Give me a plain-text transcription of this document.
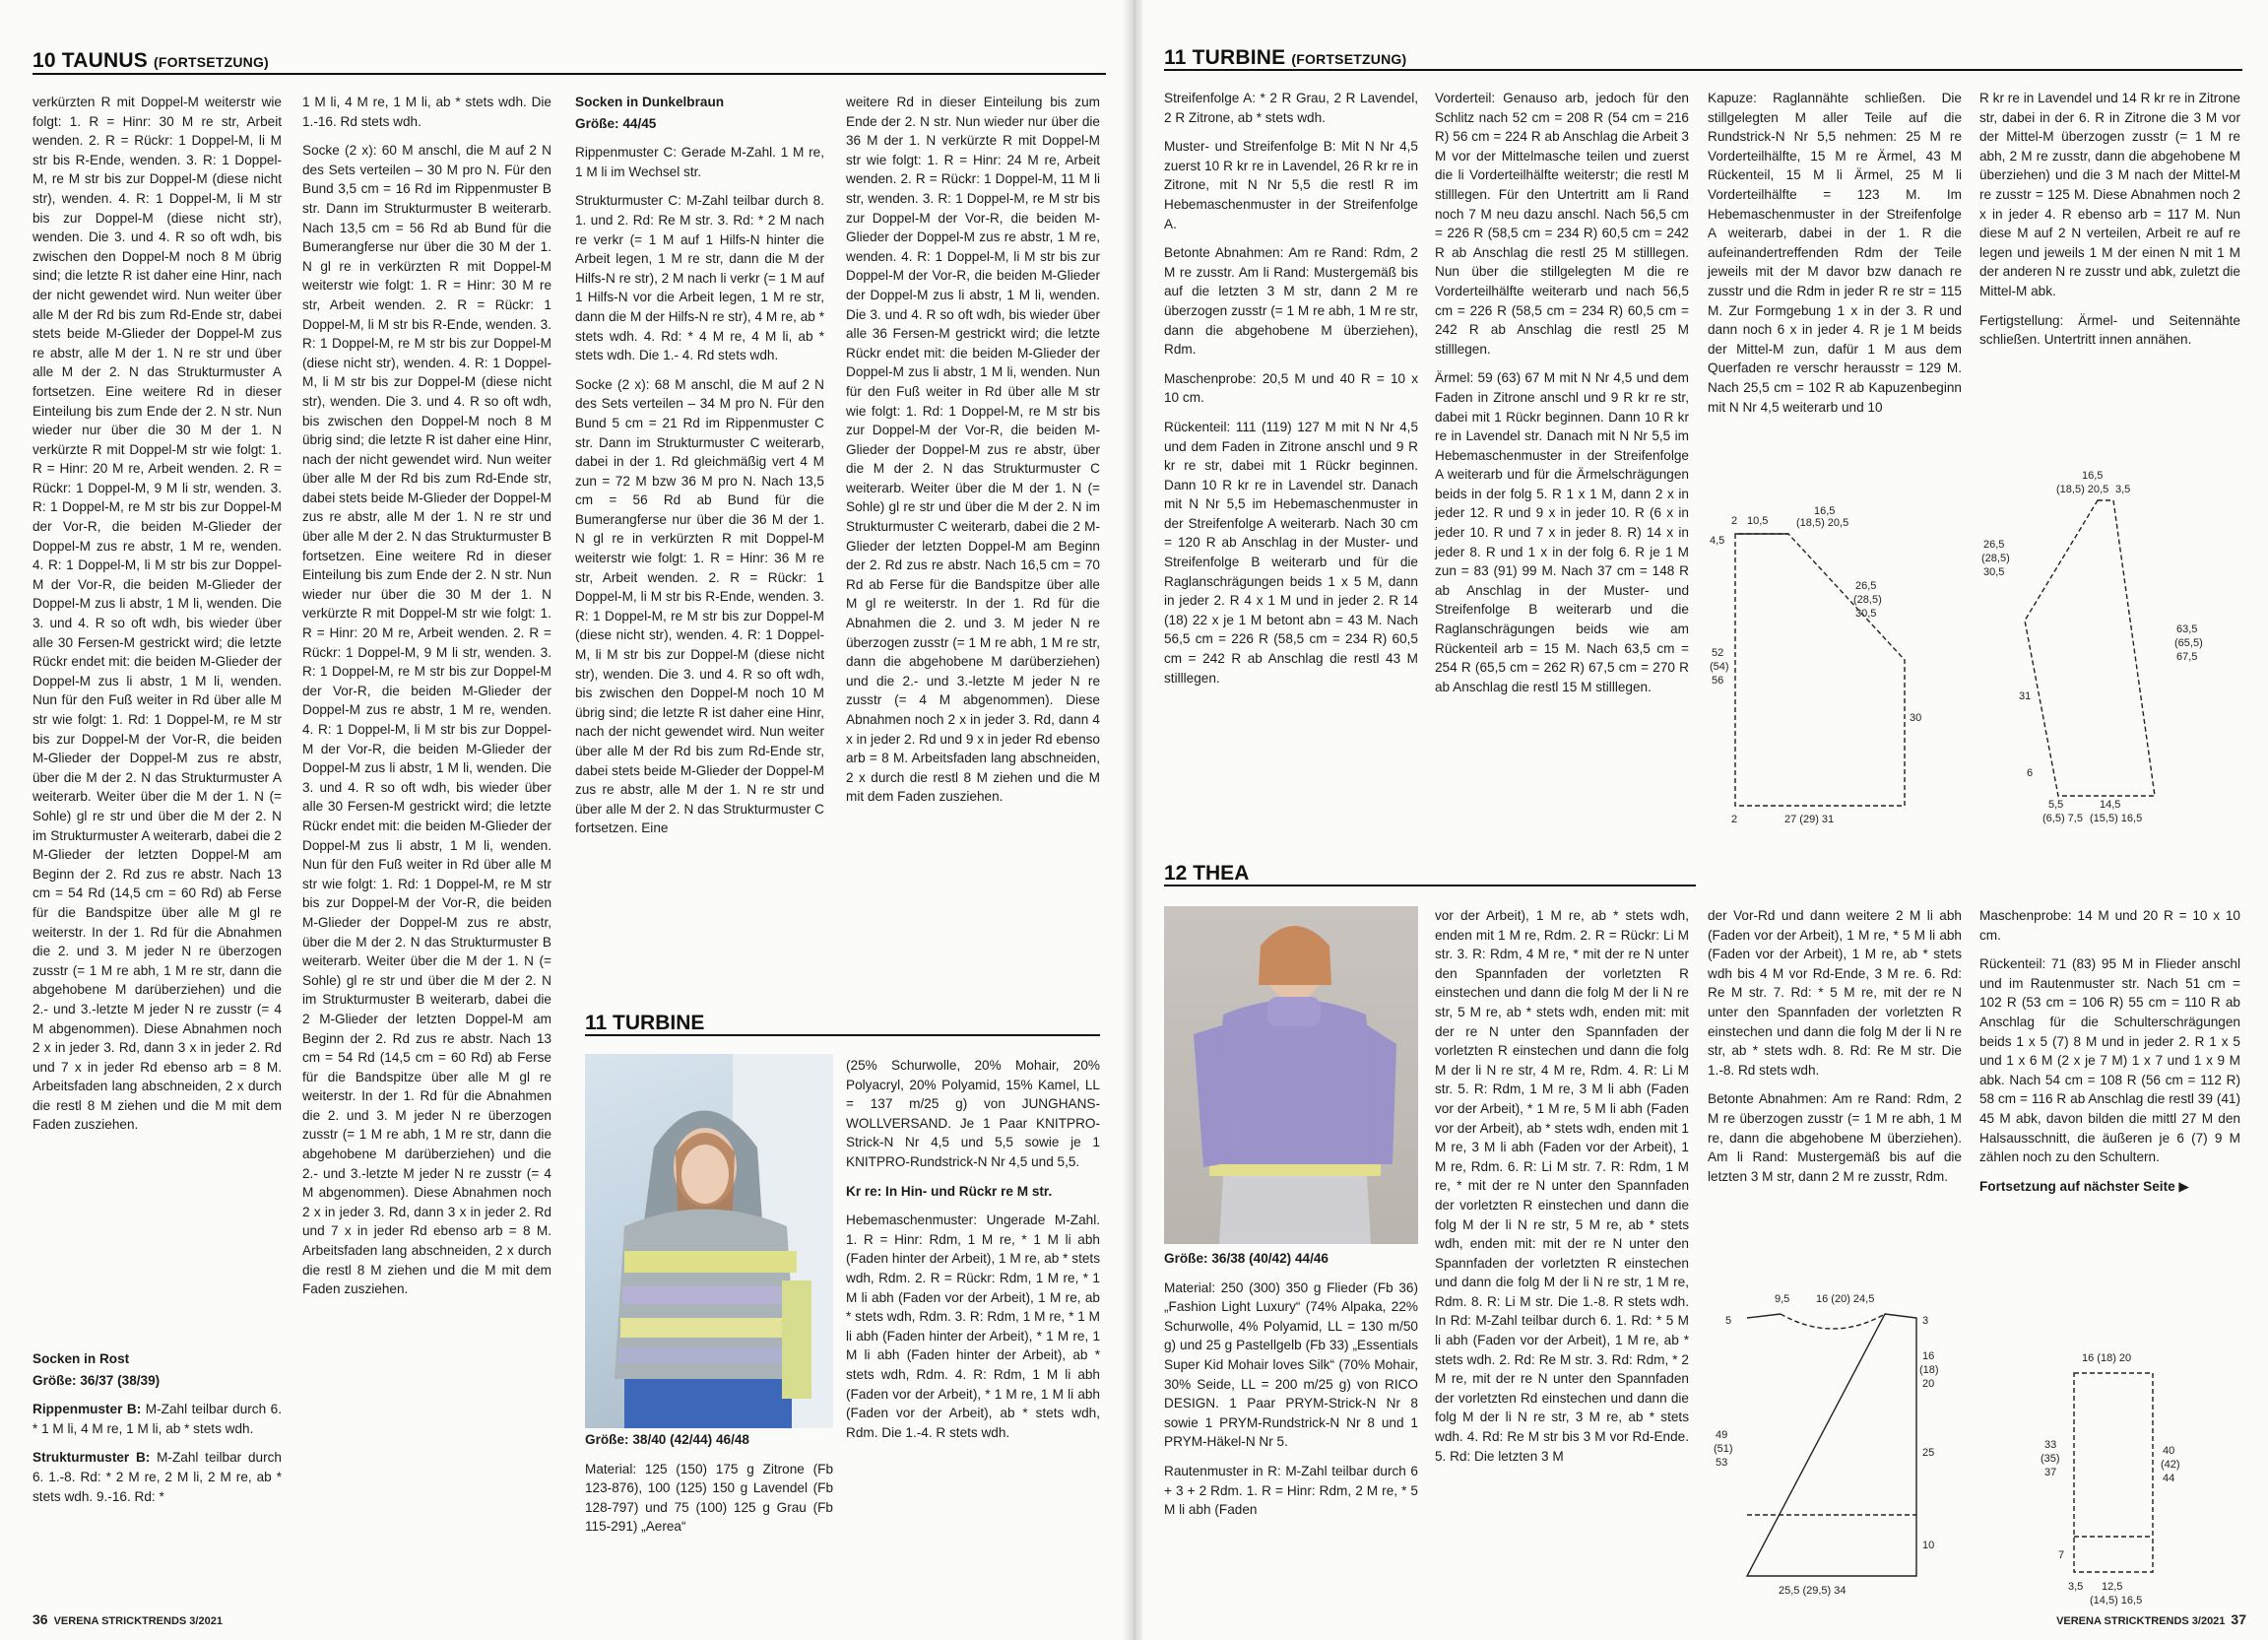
10 TAUNUS (FORTSETZUNG)

verkürzten R mit Doppel-M weiterstr wie folgt: 1. R = Hinr: 30 M re str, Arbeit wenden. 2. R = Rückr: 1 Doppel-M, li M str bis R-Ende, wenden. 3. R: 1 Doppel-M, re M str bis zur Doppel-M (diese nicht str), wenden. 4. R: 1 Doppel-M, li M str bis zur Doppel-M (diese nicht str), wenden. Die 3. und 4. R so oft wdh, bis zwischen den Doppel-M noch 8 M übrig sind; die letzte R ist daher eine Hinr, nach der nicht gewendet wird. Nun weiter über alle M der Rd bis zum Rd-Ende str, dabei stets beide M-Glieder der Doppel-M zus re abstr, alle M der 1. N re str und über alle M der 2. N das Strukturmuster A fortsetzen. Eine weitere Rd in dieser Einteilung bis zum Ende der 2. N str. Nun wieder nur über die 30 M der 1. N verkürzte R mit Doppel-M str wie folgt: 1. R = Hinr: 20 M re, Arbeit wenden. 2. R = Rückr: 1 Doppel-M, 9 M li str, wenden. 3. R: 1 Doppel-M, re M str bis zur Doppel-M der Vor-R, die beiden M-Glieder der Doppel-M zus re abstr, 1 M re, wenden. 4. R: 1 Doppel-M, li M str bis zur Doppel-M der Vor-R, die beiden M-Glieder der Doppel-M zus li abstr, 1 M li, wenden. Die 3. und 4. R so oft wdh, bis wieder über alle 30 Fersen-M gestrickt wird; die letzte Rückr endet mit: die beiden M-Glieder der Doppel-M zus li abstr, 1 M li, wenden. Nun für den Fuß weiter in Rd über alle M str wie folgt: 1. Rd: 1 Doppel-M, re M str bis zur Doppel-M der Vor-R, die beiden M-Glieder der Doppel-M zus re abstr, über die M der 2. N das Strukturmuster A weiterarb. Weiter über die M der 1. N (= Sohle) gl re str und über die M der 2. N im Strukturmuster A weiterarb, dabei die 2 M-Glieder der letzten Doppel-M am Beginn der 2. Rd zus re abstr. Nach 13 cm = 54 Rd (14,5 cm = 60 Rd) ab Ferse für die Bandspitze über alle M gl re weiterstr. In der 1. Rd für die Abnahmen die 2. und 3. M jeder N re überzogen zusstr (= 1 M re abh, 1 M re str, dann die abgehobene M darüberziehen) und die 2.- und 3.-letzte M jeder N re zusstr (= 4 M abgenommen). Diese Abnahmen noch 2 x in jeder 3. Rd, dann 3 x in jeder 2. Rd und 7 x in jeder Rd ebenso arb = 8 M. Arbeitsfaden lang abschneiden, 2 x durch die restl 8 M ziehen und die M mit dem Faden zusziehen.

Socken in Rost

Größe: 36/37 (38/39)

Rippenmuster B: M-Zahl teilbar durch 6. * 1 M li, 4 M re, 1 M li, ab * stets wdh.

Strukturmuster B: M-Zahl teilbar durch 6. 1.-8. Rd: * 2 M re, 2 M li, 2 M re, ab * stets wdh. 9.-16. Rd: *

1 M li, 4 M re, 1 M li, ab * stets wdh. Die 1.-16. Rd stets wdh.

Socke (2 x): 60 M anschl, die M auf 2 N des Sets verteilen – 30 M pro N. Für den Bund 3,5 cm = 16 Rd im Rippenmuster B str. Dann im Strukturmuster B weiterarb. Nach 13,5 cm = 56 Rd ab Bund für die Bumerangferse nur über die 30 M der 1. N gl re in verkürzten R mit Doppel-M weiterstr wie folgt: 1. R = Hinr: 30 M re str, Arbeit wenden. 2. R = Rückr: 1 Doppel-M, li M str bis R-Ende, wenden. 3. R: 1 Doppel-M, re M str bis zur Doppel-M (diese nicht str), wenden. 4. R: 1 Doppel-M, li M str bis zur Doppel-M (diese nicht str), wenden. Die 3. und 4. R so oft wdh, bis zwischen den Doppel-M noch 8 M übrig sind; die letzte R ist daher eine Hinr, nach der nicht gewendet wird. Nun weiter über alle M der Rd bis zum Rd-Ende str, dabei stets beide M-Glieder der Doppel-M zus re abstr, alle M der 1. N re str und über alle M der 2. N das Strukturmuster B fortsetzen. Eine weitere Rd in dieser Einteilung bis zum Ende der 2. N str. Nun wieder nur über die 30 M der 1. N verkürzte R mit Doppel-M str wie folgt: 1. R = Hinr: 20 M re, Arbeit wenden. 2. R = Rückr: 1 Doppel-M, 9 M li str, wenden. 3. R: 1 Doppel-M, re M str bis zur Doppel-M der Vor-R, die beiden M-Glieder der Doppel-M zus re abstr, 1 M re, wenden. 4. R: 1 Doppel-M, li M str bis zur Doppel-M der Vor-R, die beiden M-Glieder der Doppel-M zus li abstr, 1 M li, wenden. Die 3. und 4. R so oft wdh, bis wieder über alle 30 Fersen-M gestrickt wird; die letzte Rückr endet mit: die beiden M-Glieder der Doppel-M zus li abstr, 1 M li, wenden. Nun für den Fuß weiter in Rd über alle M str wie folgt: 1. Rd: 1 Doppel-M, re M str bis zur Doppel-M der Vor-R, die beiden M-Glieder der Doppel-M zus re abstr, über die M der 2. N das Strukturmuster B weiterarb. Weiter über die M der 1. N (= Sohle) gl re str und über die M der 2. N im Strukturmuster B weiterarb, dabei die 2 M-Glieder der letzten Doppel-M am Beginn der 2. Rd zus re abstr. Nach 13 cm = 54 Rd (14,5 cm = 60 Rd) ab Ferse für die Bandspitze über alle M gl re weiterstr. In der 1. Rd für die Abnahmen die 2. und 3. M jeder N re überzogen zusstr (= 1 M re abh, 1 M re str, dann die abgehobene M darüberziehen) und die 2.- und 3.-letzte M jeder N re zusstr (= 4 M abgenommen). Diese Abnahmen noch 2 x in jeder 3. Rd, dann 3 x in jeder 2. Rd und 7 x in jeder Rd ebenso arb = 8 M. Arbeitsfaden lang abschneiden, 2 x durch die restl 8 M ziehen und die M mit dem Faden zusziehen.

Socken in Dunkelbraun

Größe: 44/45

Rippenmuster C: Gerade M-Zahl. 1 M re, 1 M li im Wechsel str.

Strukturmuster C: M-Zahl teilbar durch 8. 1. und 2. Rd: Re M str. 3. Rd: * 2 M nach re verkr (= 1 M auf 1 Hilfs-N hinter die Arbeit legen, 1 M re str, dann die M der Hilfs-N re str), 2 M nach li verkr (= 1 M auf 1 Hilfs-N vor die Arbeit legen, 1 M re str, dann die M der Hilfs-N re str), 4 M re, ab * stets wdh. 4. Rd: * 4 M re, 4 M li, ab * stets wdh. Die 1.- 4. Rd stets wdh.

Socke (2 x): 68 M anschl, die M auf 2 N des Sets verteilen – 34 M pro N. Für den Bund 5 cm = 21 Rd im Rippenmuster C str. Dann im Strukturmuster C weiterarb, dabei in der 1. Rd gleichmäßig vert 4 M zun = 72 M bzw 36 M pro N. Nach 13,5 cm = 56 Rd ab Bund für die Bumerangferse nur über die 36 M der 1. N gl re in verkürzten R mit Doppel-M weiterstr wie folgt: 1. R = Hinr: 36 M re str, Arbeit wenden. 2. R = Rückr: 1 Doppel-M, li M str bis R-Ende, wenden. 3. R: 1 Doppel-M, re M str bis zur Doppel-M (diese nicht str), wenden. 4. R: 1 Doppel-M, li M str bis zur Doppel-M (diese nicht str), wenden. Die 3. und 4. R so oft wdh, bis zwischen den Doppel-M noch 10 M übrig sind; die letzte R ist daher eine Hinr, nach der nicht gewendet wird. Nun weiter über alle M der Rd bis zum Rd-Ende str, dabei stets beide M-Glieder der Doppel-M zus re abstr, alle M der 1. N re str und über alle M der 2. N das Strukturmuster C fortsetzen. Eine

weitere Rd in dieser Einteilung bis zum Ende der 2. N str. Nun wieder nur über die 36 M der 1. N verkürzte R mit Doppel-M str wie folgt: 1. R = Hinr: 24 M re, Arbeit wenden. 2. R = Rückr: 1 Doppel-M, 11 M li str, wenden. 3. R: 1 Doppel-M, re M str bis zur Doppel-M der Vor-R, die beiden M-Glieder der Doppel-M zus re abstr, 1 M re, wenden. 4. R: 1 Doppel-M, li M str bis zur Doppel-M der Vor-R, die beiden M-Glieder der Doppel-M zus li abstr, 1 M li, wenden. Die 3. und 4. R so oft wdh, bis wieder über alle 36 Fersen-M gestrickt wird; die letzte Rückr endet mit: die beiden M-Glieder der Doppel-M zus li abstr, 1 M li, wenden. Nun für den Fuß weiter in Rd über alle M str wie folgt: 1. Rd: 1 Doppel-M, re M str bis zur Doppel-M der Vor-R, die beiden M-Glieder der Doppel-M zus re abstr, über die M der 2. N das Strukturmuster C weiterarb. Weiter über die M der 1. N (= Sohle) gl re str und über die M der 2. N im Strukturmuster C weiterarb, dabei die 2 M-Glieder der letzten Doppel-M am Beginn der 2. Rd zus re abstr. Nach 16,5 cm = 70 Rd ab Ferse für die Bandspitze über alle M gl re weiterstr. In der 1. Rd für die Abnahmen die 2. und 3. M jeder N re überzogen zusstr (= 1 M re abh, 1 M re str, dann die abgehobene M darüberziehen) und die 2.- und 3.-letzte M jeder N re zusstr (= 4 M abgenommen). Diese Abnahmen noch 2 x in jeder 3. Rd, dann 4 x in jeder 2. Rd und 9 x in jeder Rd ebenso arb = 8 M. Arbeitsfaden lang abschneiden, 2 x durch die restl 8 M ziehen und die M mit dem Faden zusziehen.

11 TURBINE

(25% Schurwolle, 20% Mohair, 20% Polyacryl, 20% Polyamid, 15% Kamel, LL = 137 m/25 g) von JUNGHANS-WOLLVERSAND. Je 1 Paar KNITPRO-Strick-N Nr 4,5 und 5,5 sowie je 1 KNITPRO-Rundstrick-N Nr 4,5 und 5,5.

Kr re: In Hin- und Rückr re M str.

Hebemaschenmuster: Ungerade M-Zahl. 1. R = Hinr: Rdm, 1 M re, * 1 M li abh (Faden hinter der Arbeit), 1 M re, ab * stets wdh, Rdm. 2. R = Rückr: Rdm, 1 M re, * 1 M li abh (Faden vor der Arbeit), 1 M re, ab * stets wdh, Rdm. 3. R: Rdm, 1 M re, * 1 M li abh (Faden hinter der Arbeit), * 1 M re, 1 M li abh (Faden hinter der Arbeit), ab * stets wdh, Rdm. 4. R: Rdm, 1 M li abh (Faden vor der Arbeit), * 1 M re, 1 M li abh (Faden vor der Arbeit), ab * stets wdh, Rdm. Die 1.-4. R stets wdh.

Größe: 38/40 (42/44) 46/48

Material: 125 (150) 175 g Zitrone (Fb 123-876), 100 (125) 150 g Lavendel (Fb 128-797) und 75 (100) 125 g Grau (Fb 115-291) „Aerea“

36 VERENA STRICKTRENDS 3/2021
11 TURBINE (FORTSETZUNG)

Streifenfolge A: * 2 R Grau, 2 R Lavendel, 2 R Zitrone, ab * stets wdh.

Muster- und Streifenfolge B: Mit N Nr 4,5 zuerst 10 R kr re in Lavendel, 26 R kr re in Zitrone, mit N Nr 5,5 die restl R im Hebemaschenmuster in der Streifenfolge A.

Betonte Abnahmen: Am re Rand: Rdm, 2 M re zusstr. Am li Rand: Mustergemäß bis auf die letzten 3 M str, dann 2 M re überzogen zusstr (= 1 M re abh, 1 M re str, dann die abgehobene M überziehen), Rdm.

Maschenprobe: 20,5 M und 40 R = 10 x 10 cm.

Rückenteil: 111 (119) 127 M mit N Nr 4,5 und dem Faden in Zitrone anschl und 9 R kr re str, dabei mit 1 Rückr beginnen. Dann 10 R kr re in Lavendel str. Danach mit N Nr 5,5 im Hebemaschenmuster in der Streifenfolge A weiterarb. Nach 30 cm = 120 R ab Anschlag in der Muster- und Streifenfolge B weiterarb und für die Raglanschrägungen beids 1 x 5 M, dann in jeder 2. R 4 x 1 M und in jeder 2. R 14 (18) 22 x je 1 M betont abn = 43 M. Nach 56,5 cm = 226 R (58,5 cm = 234 R) 60,5 cm = 242 R ab Anschlag die restl 43 M stilllegen.

Vorderteil: Genauso arb, jedoch für den Schlitz nach 52 cm = 208 R (54 cm = 216 R) 56 cm = 224 R ab Anschlag die Arbeit 3 M vor der Mittelmasche teilen und zuerst die li Vorderteilhälfte weiterstr; die restl M stilllegen. Für den Untertritt am li Rand noch 7 M neu dazu anschl. Nach 56,5 cm = 226 R (58,5 cm = 234 R) 60,5 cm = 242 R ab Anschlag die restl 25 M stilllegen. Nun über die stillgelegten M die re Vorderteilhälfte weiterarb und nach 56,5 cm = 226 R (58,5 cm = 234 R) 60,5 cm = 242 R ab Anschlag die restl 25 M stilllegen.

Ärmel: 59 (63) 67 M mit N Nr 4,5 und dem Faden in Zitrone anschl und 9 R kr re str, dabei mit 1 Rückr beginnen. Dann 10 R kr re in Lavendel str. Danach mit N Nr 5,5 im Hebemaschenmuster in der Streifenfolge A weiterarb und für die Ärmelschrägungen beids in der folg 5. R 1 x 1 M, dann 2 x in jeder 12. R und 9 x in jeder 10. R (6 x in jeder 10. R und 7 x in jeder 8. R) 14 x in jeder 8. R und 1 x in der folg 6. R je 1 M zun = 83 (91) 99 M. Nach 37 cm = 148 R ab Anschlag in der Muster- und Streifenfolge B weiterarb und die Raglanschrägungen beids wie am Rückenteil arb = 15 M. Nach 63,5 cm = 254 R (65,5 cm = 262 R) 67,5 cm = 270 R ab Anschlag die restl 15 M stilllegen.

Kapuze: Raglannähte schließen. Die stillgelegten M aller Teile auf die Rundstrick-N Nr 5,5 nehmen: 25 M re Vorderteilhälfte, 15 M re Ärmel, 43 M Rückenteil, 15 M li Ärmel, 25 M li Vorderteilhälfte = 123 M. Im Hebemaschenmuster in der Streifenfolge A weiterarb, dabei in der 1. R die aufeinandertreffenden Rdm der Teile jeweils mit der M davor bzw danach re zusstr und die Rdm in jeder R re str = 115 M. Zur Formgebung 1 x in der 3. R und dann noch 6 x in jeder 4. R je 1 M beids der Mittel-M zun, dafür 1 M aus dem Querfaden re verschr herausstr = 129 M. Nach 25,5 cm = 102 R ab Kapuzenbeginn mit N Nr 4,5 weiterarb und 10

R kr re in Lavendel und 14 R kr re in Zitrone str, dabei in der 6. R in Zitrone die 3 M vor der Mittel-M überzogen zusstr (= 1 M re abh, 2 M re zusstr, dann die abgehobene M überziehen) und die 3 M nach der Mittel-M re zusstr = 125 M. Diese Abnahmen noch 2 x in jeder 4. R ebenso arb = 117 M. Nun diese M auf 2 N verteilen, Arbeit re auf re legen und jeweils 1 M der einen N mit 1 M der anderen N re zusstr und abk, zuletzt die Mittel-M abk.

Fertigstellung: Ärmel- und Seitennähte schließen. Untertritt innen annähen.

2 10,5
16,5
(18,5) 20,5
4,5
26,5
(28,5)
30,5
52
(54)
56
30
2	27 (29) 31
16,5
(18,5) 20,5 3,5
26,5
(28,5)
30,5
63,5
(65,5)
67,5
31
6
5,5
(6,5) 7,5
14,5
(15,5) 16,5
12 THEA

Größe: 36/38 (40/42) 44/46

Material: 250 (300) 350 g Flieder (Fb 36) „Fashion Light Luxury“ (74% Alpaka, 22% Schurwolle, 4% Polyamid, LL = 130 m/50 g) und 25 g Pastellgelb (Fb 33) „Essentials Super Kid Mohair loves Silk“ (70% Mohair, 30% Seide, LL = 200 m/25 g) von RICO DESIGN. 1 Paar PRYM-Strick-N Nr 8 sowie 1 PRYM-Rundstrick-N Nr 8 und 1 PRYM-Häkel-N Nr 5.

Rautenmuster in R: M-Zahl teilbar durch 6 + 3 + 2 Rdm. 1. R = Hinr: Rdm, 2 M re, * 5 M li abh (Faden

vor der Arbeit), 1 M re, ab * stets wdh, enden mit 1 M re, Rdm. 2. R = Rückr: Li M str. 3. R: Rdm, 4 M re, * mit der re N unter den Spannfaden der vorletzten R einstechen und dann die folg M der li N re str, 5 M re, ab * stets wdh, enden mit: mit der re N unter den Spannfaden der vorletzten R einstechen und dann die folg M der li N re str, 4 M re, Rdm. 4. R: Li M str. 5. R: Rdm, 1 M re, 3 M li abh (Faden vor der Arbeit), * 1 M re, 5 M li abh (Faden vor der Arbeit), ab * stets wdh, enden mit 1 M re, 3 M li abh (Faden vor der Arbeit), 1 M re, Rdm. 6. R: Li M str. 7. R: Rdm, 1 M re, * mit der re N unter den Spannfaden der vorletzten R einstechen und dann die folg M der li N re str, 5 M re, ab * stets wdh, enden mit: mit der re N unter den Spannfaden der vorletzten R einstechen und dann die folg M der li N re str, 1 M re, Rdm. 8. R: Li M str. Die 1.-8. R stets wdh. In Rd: M-Zahl teilbar durch 6. 1. Rd: * 5 M li abh (Faden vor der Arbeit), 1 M re, ab * stets wdh. 2. Rd: Re M str. 3. Rd: Rdm, * 2 M re, mit der re N unter den Spannfaden der vorletzten Rd einstechen und dann die folg M der li N re str, 3 M re, ab * stets wdh. 4. Rd: Re M str bis 3 M vor Rd-Ende. 5. Rd: Die letzten 3 M

der Vor-Rd und dann weitere 2 M li abh (Faden vor der Arbeit), 1 M re, * 5 M li abh (Faden vor der Arbeit), 1 M re, ab * stets wdh bis 4 M vor Rd-Ende, 3 M re. 6. Rd: Re M str. 7. Rd: * 5 M re, mit der re N unter den Spannfaden der vorletzten R einstechen und dann die folg M der li N re str, ab * stets wdh. 8. Rd: Re M str. Die 1.-8. Rd stets wdh.

Betonte Abnahmen: Am re Rand: Rdm, 2 M re überzogen zusstr (= 1 M re abh, 1 M re, dann die abgehobene M überziehen). Am li Rand: Mustergemäß bis auf die letzten 3 M str, dann 2 M re zusstr, Rdm.

Maschenprobe: 14 M und 20 R = 10 x 10 cm.

Rückenteil: 71 (83) 95 M in Flieder anschl und im Rautenmuster str. Nach 51 cm = 102 R (53 cm = 106 R) 55 cm = 110 R ab Anschlag für die Schulterschrägungen beids 1 x 5 (7) 8 M und in jeder 2. R 1 x 5 und 1 x 6 M (2 x je 7 M) 1 x 7 und 1 x 9 M abk. Nach 54 cm = 108 R (56 cm = 112 R) 58 cm = 116 R ab Anschlag die restl 39 (41) 45 M abk, davon bilden die mittl 27 M den Halsausschnitt, die äußeren je 6 (7) 9 M zählen noch zu den Schultern.

Fortsetzung auf nächster Seite ▶

9,5 16 (20) 24,5
5	3
16
(18)
20
49
(51)
53
25
10
25,5 (29,5) 34
16 (18) 20
33
(35)
37
40
(42)
44
7
3,5 12,5
(14,5) 16,5
VERENA STRICKTRENDS 3/2021 37
